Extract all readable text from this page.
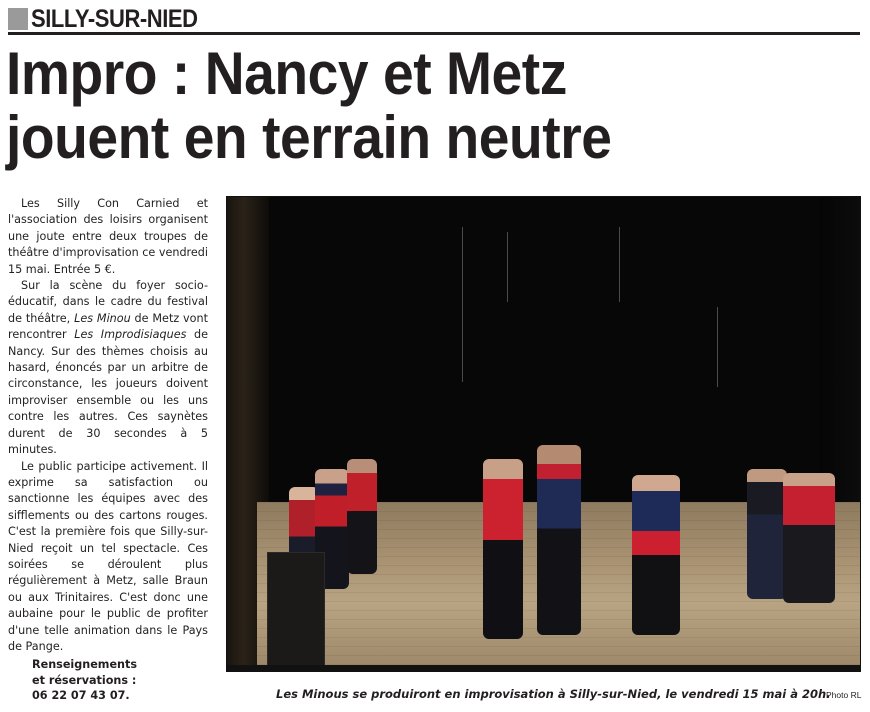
SILLY-SUR-NIED
Impro : Nancy et Metz
jouent en terrain neutre

Les Silly Con Carnied et l'association des loisirs organisent une joute entre deux troupes de théâtre d'improvisation ce vendredi 15 mai. Entrée 5 €.

Sur la scène du foyer socio-éducatif, dans le cadre du festival de théâtre, Les Minou de Metz vont rencontrer Les Improdisiaques de Nancy. Sur des thèmes choisis au hasard, énoncés par un arbitre de circonstance, les joueurs doivent improviser ensemble ou les uns contre les autres. Ces saynètes durent de 30 secondes à 5 minutes.

Le public participe activement. Il exprime sa satisfaction ou sanctionne les équipes avec des sifflements ou des cartons rouges. C'est la première fois que Silly-sur-Nied reçoit un tel spectacle. Ces soirées se déroulent plus régulièrement à Metz, salle Braun ou aux Trinitaires. C'est donc une aubaine pour le public de profiter d'une telle animation dans le Pays de Pange.

Renseignements
et réservations :
06 22 07 43 07.	Les Minous se produiront en improvisation à Silly-sur-Nied, le vendredi 15 mai à 20h.
Photo RL
